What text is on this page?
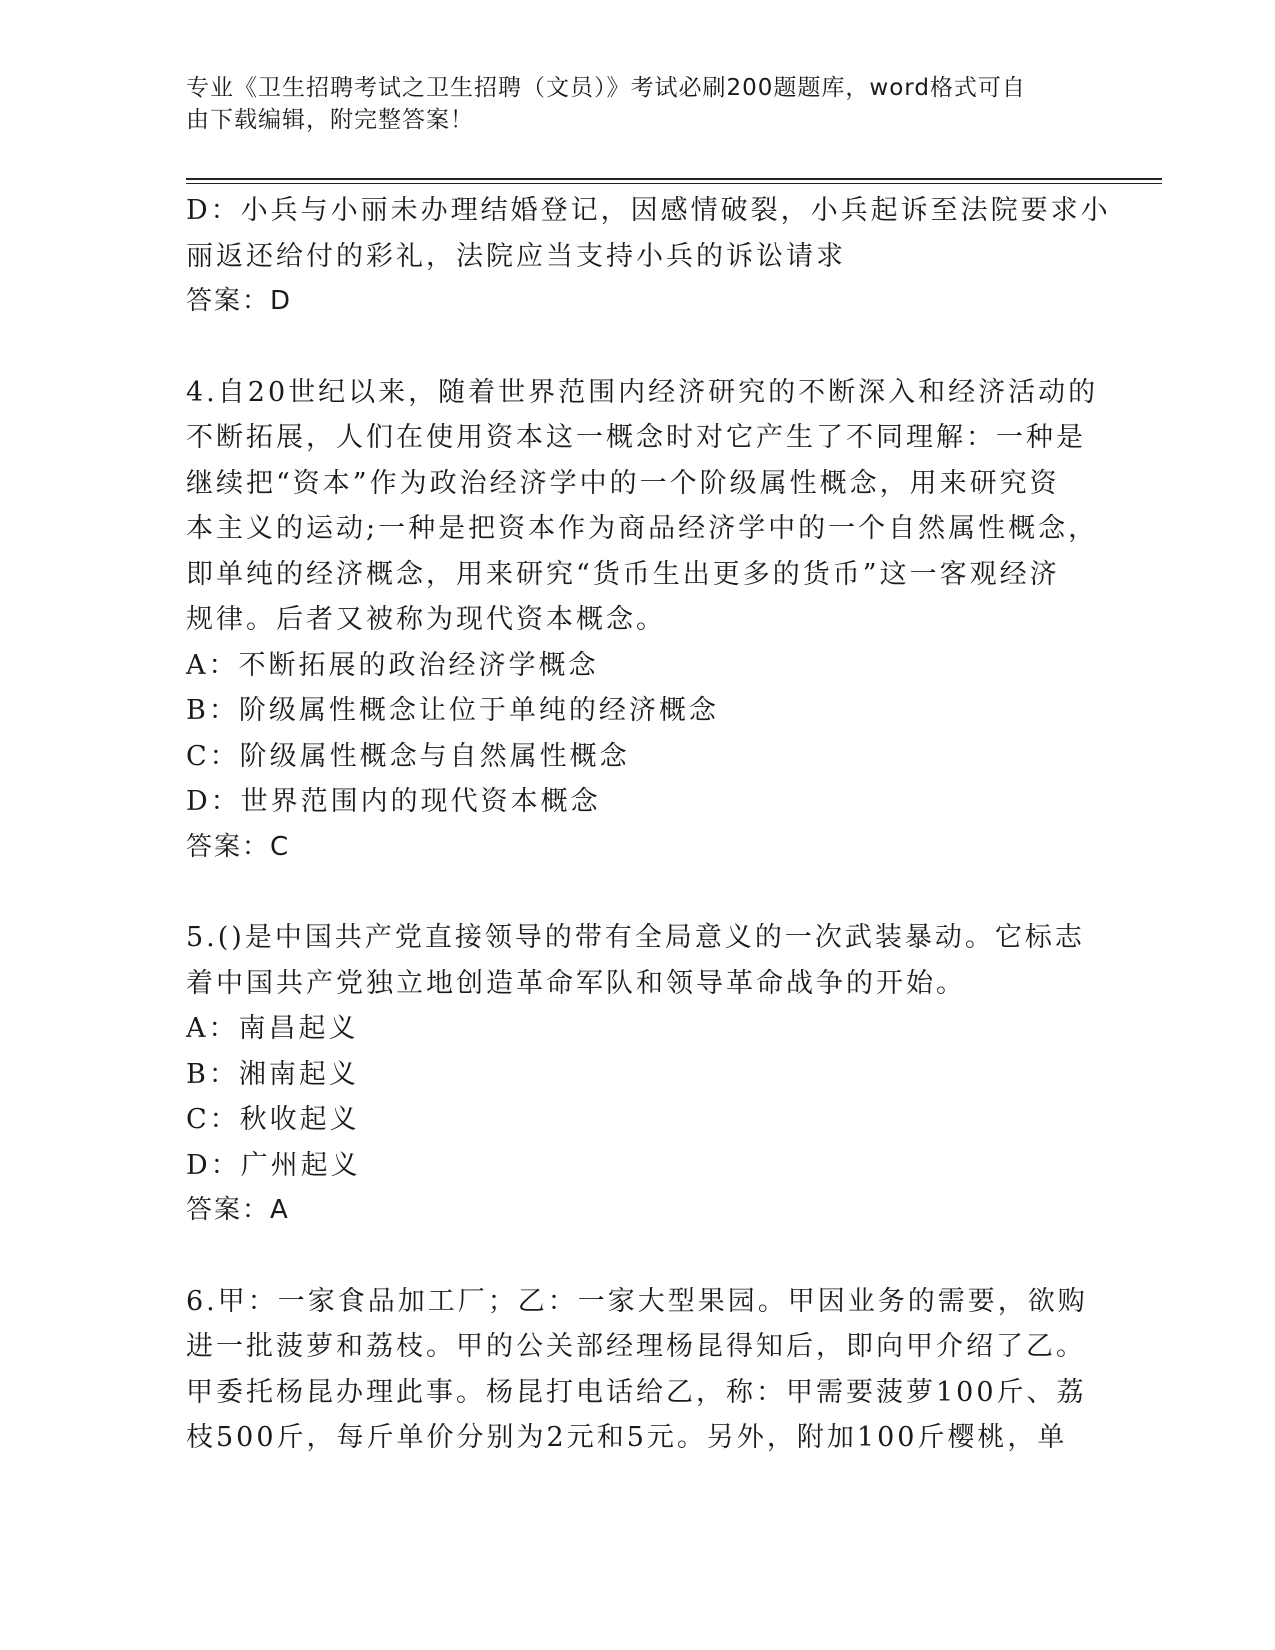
专业《卫生招聘考试之卫生招聘（文员）》考试必刷200题题库，word格式可自
由下载编辑，附完整答案！
D：小兵与小丽未办理结婚登记，因感情破裂，小兵起诉至法院要求小
丽返还给付的彩礼，法院应当支持小兵的诉讼请求
答案：D
4.自20世纪以来，随着世界范围内经济研究的不断深入和经济活动的
不断拓展，人们在使用资本这一概念时对它产生了不同理解：一种是
继续把“资本”作为政治经济学中的一个阶级属性概念，用来研究资
本主义的运动;一种是把资本作为商品经济学中的一个自然属性概念，
即单纯的经济概念，用来研究“货币生出更多的货币”这一客观经济
规律。后者又被称为现代资本概念。
A：不断拓展的政治经济学概念
B：阶级属性概念让位于单纯的经济概念
C：阶级属性概念与自然属性概念
D：世界范围内的现代资本概念
答案：C
5.()是中国共产党直接领导的带有全局意义的一次武装暴动。它标志
着中国共产党独立地创造革命军队和领导革命战争的开始。
A：南昌起义
B：湘南起义
C：秋收起义
D：广州起义
答案：A
6.甲：一家食品加工厂；乙：一家大型果园。甲因业务的需要，欲购
进一批菠萝和荔枝。甲的公关部经理杨昆得知后，即向甲介绍了乙。
甲委托杨昆办理此事。杨昆打电话给乙，称：甲需要菠萝100斤、荔
枝500斤，每斤单价分别为2元和5元。另外，附加100斤樱桃，单
